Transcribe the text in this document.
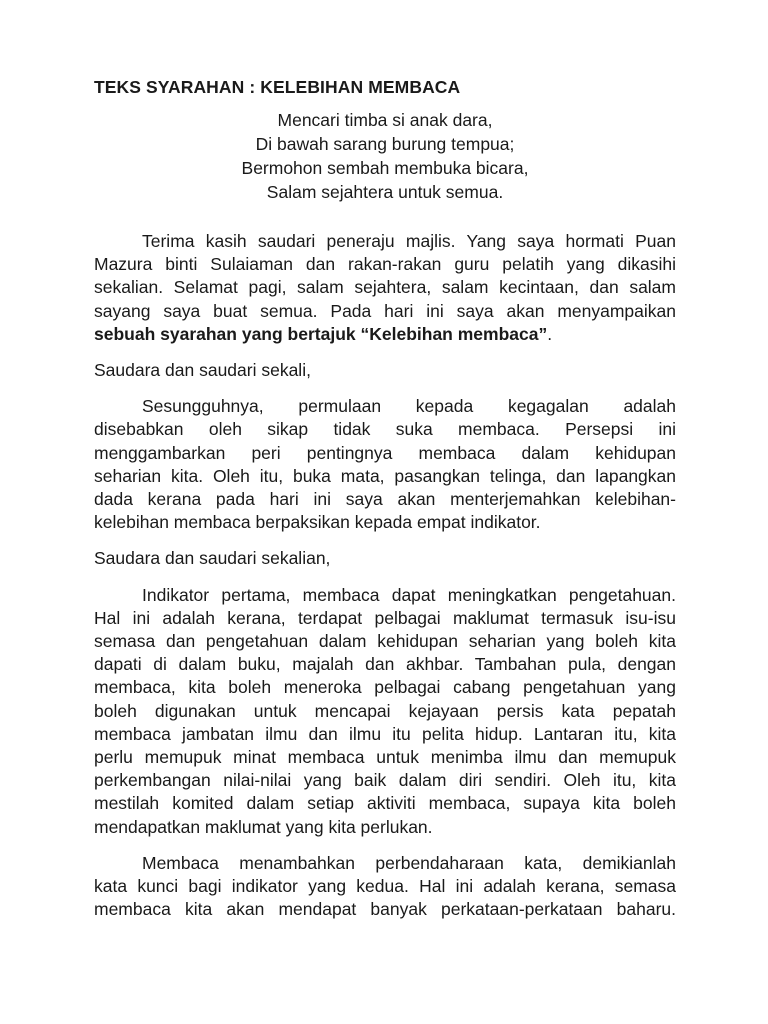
TEKS SYARAHAN : KELEBIHAN MEMBACA
Mencari timba si anak dara,
Di bawah sarang burung tempua;
Bermohon sembah membuka bicara,
Salam sejahtera untuk semua.
Terima kasih saudari peneraju majlis. Yang saya hormati Puan
Mazura binti Sulaiaman dan rakan-rakan guru pelatih yang dikasihi
sekalian. Selamat pagi, salam sejahtera, salam kecintaan, dan salam
sayang saya buat semua. Pada hari ini saya akan menyampaikan
sebuah syarahan yang bertajuk “Kelebihan membaca”.
Saudara dan saudari sekali,
Sesungguhnya, permulaan kepada kegagalan adalah
disebabkan oleh sikap tidak suka membaca. Persepsi ini
menggambarkan peri pentingnya membaca dalam kehidupan
seharian kita. Oleh itu, buka mata, pasangkan telinga, dan lapangkan
dada kerana pada hari ini saya akan menterjemahkan kelebihan-
kelebihan membaca berpaksikan kepada empat indikator.
Saudara dan saudari sekalian,
Indikator pertama, membaca dapat meningkatkan pengetahuan.
Hal ini adalah kerana, terdapat pelbagai maklumat termasuk isu-isu
semasa dan pengetahuan dalam kehidupan seharian yang boleh kita
dapati di dalam buku, majalah dan akhbar. Tambahan pula, dengan
membaca, kita boleh meneroka pelbagai cabang pengetahuan yang
boleh digunakan untuk mencapai kejayaan persis kata pepatah
membaca jambatan ilmu dan ilmu itu pelita hidup. Lantaran itu, kita
perlu memupuk minat membaca untuk menimba ilmu dan memupuk
perkembangan nilai-nilai yang baik dalam diri sendiri. Oleh itu, kita
mestilah komited dalam setiap aktiviti membaca, supaya kita boleh
mendapatkan maklumat yang kita perlukan.
Membaca menambahkan perbendaharaan kata, demikianlah
kata kunci bagi indikator yang kedua. Hal ini adalah kerana, semasa
membaca kita akan mendapat banyak perkataan-perkataan baharu.
